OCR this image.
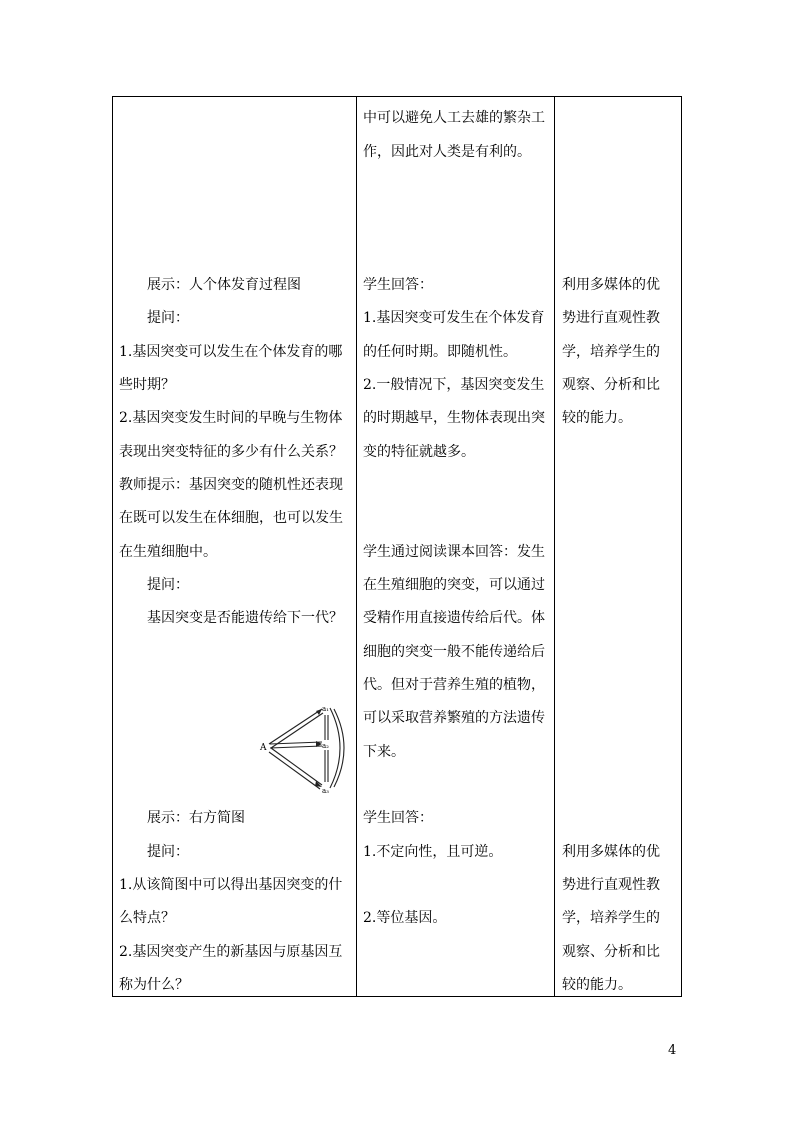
展示：人个体发育过程图
提问：
1.基因突变可以发生在个体发育的哪
些时期？
2.基因突变发生时间的早晚与生物体
表现出突变特征的多少有什么关系？
教师提示：基因突变的随机性还表现
在既可以发生在体细胞，也可以发生
在生殖细胞中。
提问：
基因突变是否能遗传给下一代？
A
a₁
a₂
a₃
展示：右方简图
提问：
1.从该简图中可以得出基因突变的什
么特点？
2.基因突变产生的新基因与原基因互
称为什么？
中可以避免人工去雄的繁杂工
作，因此对人类是有利的。
学生回答：
1.基因突变可发生在个体发育
的任何时期。即随机性。
2.一般情况下，基因突变发生
的时期越早，生物体表现出突
变的特征就越多。
学生通过阅读课本回答：发生
在生殖细胞的突变，可以通过
受精作用直接遗传给后代。体
细胞的突变一般不能传递给后
代。但对于营养生殖的植物，
可以采取营养繁殖的方法遗传
下来。
学生回答：
1.不定向性，且可逆。
2.等位基因。
利用多媒体的优
势进行直观性教
学，培养学生的
观察、分析和比
较的能力。
利用多媒体的优
势进行直观性教
学，培养学生的
观察、分析和比
较的能力。
4
